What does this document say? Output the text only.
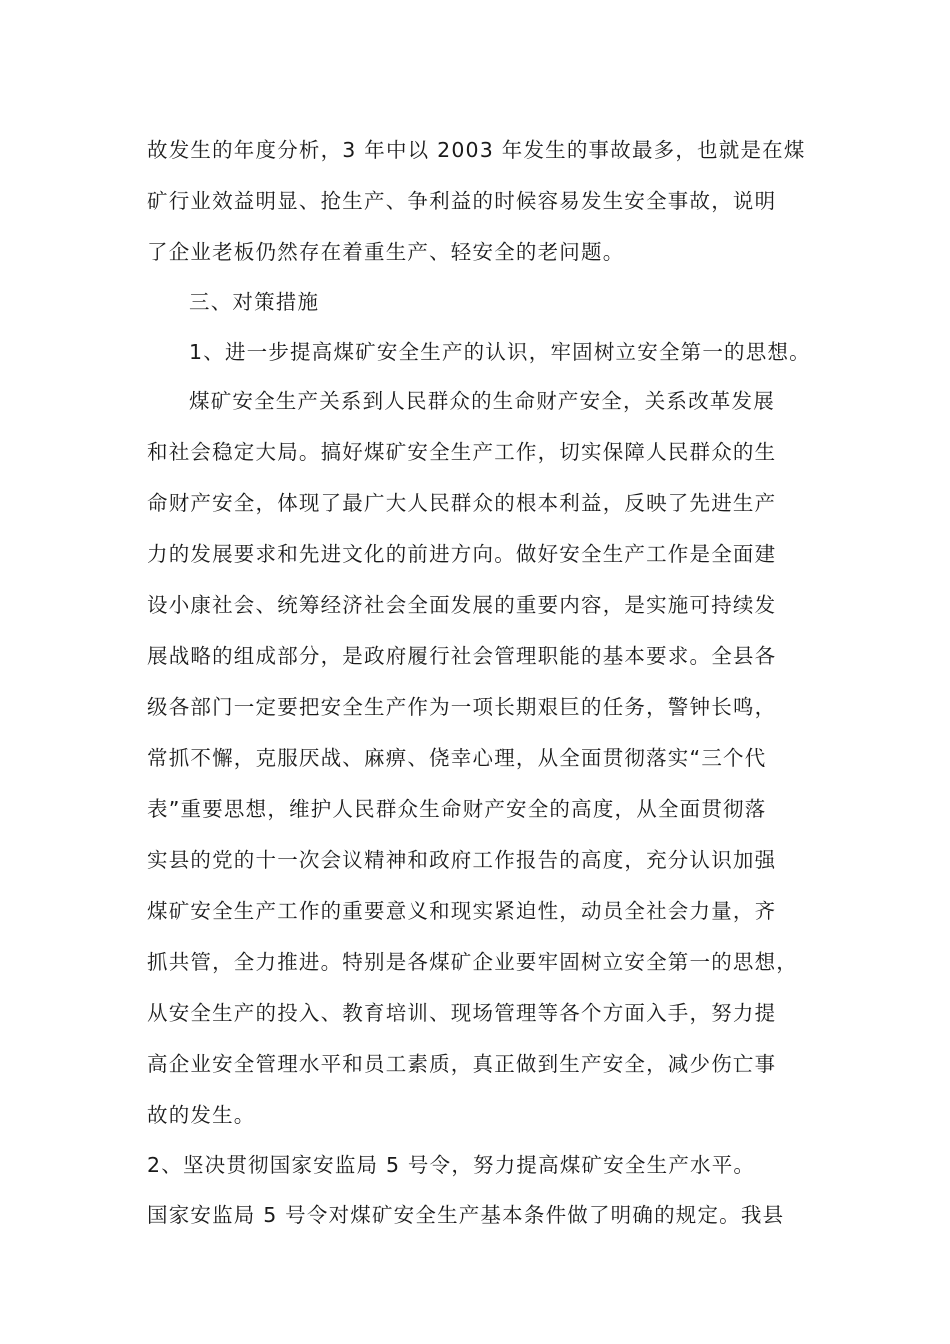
故发生的年度分析，3 年中以 2003 年发生的事故最多，也就是在煤
矿行业效益明显、抢生产、争利益的时候容易发生安全事故，说明
了企业老板仍然存在着重生产、轻安全的老问题。
三、对策措施
1、进一步提高煤矿安全生产的认识，牢固树立安全第一的思想。
煤矿安全生产关系到人民群众的生命财产安全，关系改革发展
和社会稳定大局。搞好煤矿安全生产工作，切实保障人民群众的生
命财产安全，体现了最广大人民群众的根本利益，反映了先进生产
力的发展要求和先进文化的前进方向。做好安全生产工作是全面建
设小康社会、统筹经济社会全面发展的重要内容，是实施可持续发
展战略的组成部分，是政府履行社会管理职能的基本要求。全县各
级各部门一定要把安全生产作为一项长期艰巨的任务，警钟长鸣，
常抓不懈，克服厌战、麻痹、侥幸心理，从全面贯彻落实“三个代
表”重要思想，维护人民群众生命财产安全的高度，从全面贯彻落
实县的党的十一次会议精神和政府工作报告的高度，充分认识加强
煤矿安全生产工作的重要意义和现实紧迫性，动员全社会力量，齐
抓共管，全力推进。特别是各煤矿企业要牢固树立安全第一的思想，
从安全生产的投入、教育培训、现场管理等各个方面入手，努力提
高企业安全管理水平和员工素质，真正做到生产安全，减少伤亡事
故的发生。
2、坚决贯彻国家安监局 5 号令，努力提高煤矿安全生产水平。
国家安监局 5 号令对煤矿安全生产基本条件做了明确的规定。我县
